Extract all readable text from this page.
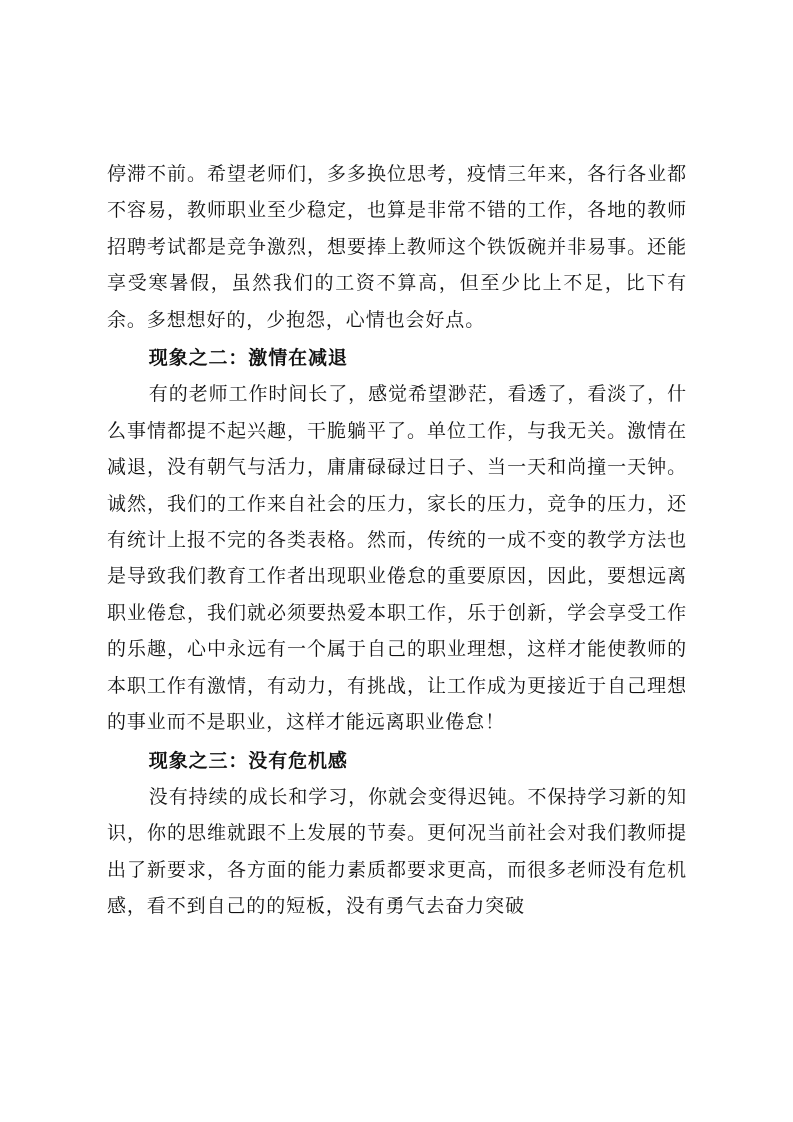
停滞不前。希望老师们，多多换位思考，疫情三年来，各行各业都不容易，教师职业至少稳定，也算是非常不错的工作，各地的教师招聘考试都是竞争激烈，想要捧上教师这个铁饭碗并非易事。还能享受寒暑假，虽然我们的工资不算高，但至少比上不足，比下有余。多想想好的，少抱怨，心情也会好点。

现象之二：激情在减退

有的老师工作时间长了，感觉希望渺茫，看透了，看淡了，什么事情都提不起兴趣，干脆躺平了。单位工作，与我无关。激情在减退，没有朝气与活力，庸庸碌碌过日子、当一天和尚撞一天钟。诚然，我们的工作来自社会的压力，家长的压力，竞争的压力，还有统计上报不完的各类表格。然而，传统的一成不变的教学方法也是导致我们教育工作者出现职业倦怠的重要原因，因此，要想远离职业倦怠，我们就必须要热爱本职工作，乐于创新，学会享受工作的乐趣，心中永远有一个属于自己的职业理想，这样才能使教师的本职工作有激情，有动力，有挑战，让工作成为更接近于自己理想的事业而不是职业，这样才能远离职业倦怠！

现象之三：没有危机感

没有持续的成长和学习，你就会变得迟钝。不保持学习新的知识，你的思维就跟不上发展的节奏。更何况当前社会对我们教师提出了新要求，各方面的能力素质都要求更高，而很多老师没有危机感，看不到自己的的短板，没有勇气去奋力突破
